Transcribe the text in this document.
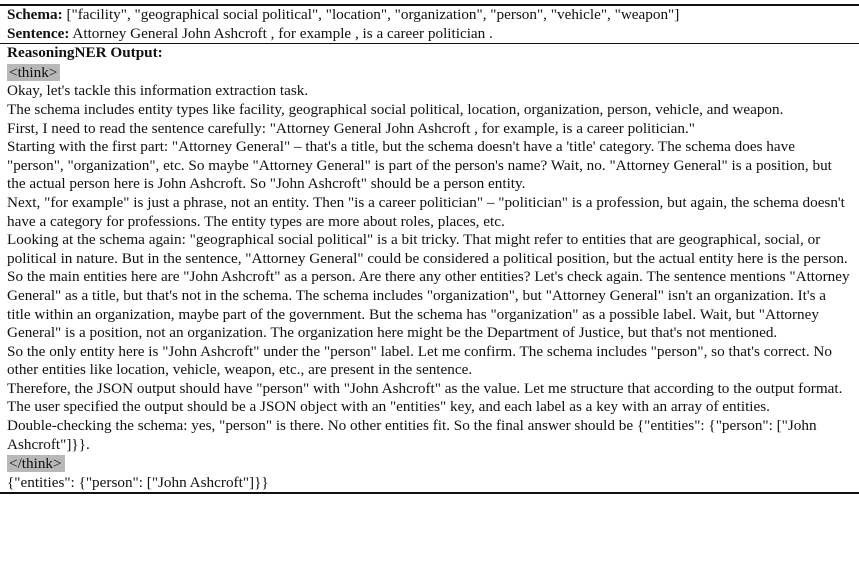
Schema: ["facility", "geographical social political", "location", "organization", "person", "vehicle", "weapon"]
Sentence: Attorney General John Ashcroft , for example , is a career politician .
ReasoningNER Output:
<think>

Okay, let's tackle this information extraction task.

The schema includes entity types like facility, geographical social political, location, organization, person, vehicle, and weapon.

First, I need to read the sentence carefully: "Attorney General John Ashcroft , for example, is a career politician."

Starting with the first part: "Attorney General" – that's a title, but the schema doesn't have a 'title' category. The schema does have "person", "organization", etc. So maybe "Attorney General" is part of the person's name? Wait, no. "Attorney General" is a position, but the actual person here is John Ashcroft. So "John Ashcroft" should be a person entity.

Next, "for example" is just a phrase, not an entity. Then "is a career politician" – "politician" is a profession, but again, the schema doesn't have a category for professions. The entity types are more about roles, places, etc.

Looking at the schema again: "geographical social political" is a bit tricky. That might refer to entities that are geographical, social, or political in nature. But in the sentence, "Attorney General" could be considered a political position, but the actual entity here is the person.

So the main entities here are "John Ashcroft" as a person. Are there any other entities? Let's check again. The sentence mentions "Attorney General" as a title, but that's not in the schema. The schema includes "organization", but "Attorney General" isn't an organization. It's a title within an organization, maybe part of the government. But the schema has "organization" as a possible label. Wait, but "Attorney General" is a position, not an organization. The organization here might be the Department of Justice, but that's not mentioned.

So the only entity here is "John Ashcroft" under the "person" label. Let me confirm. The schema includes "person", so that's correct. No other entities like location, vehicle, weapon, etc., are present in the sentence.

Therefore, the JSON output should have "person" with "John Ashcroft" as the value. Let me structure that according to the output format. The user specified the output should be a JSON object with an "entities" key, and each label as a key with an array of entities.

Double-checking the schema: yes, "person" is there. No other entities fit. So the final answer should be {"entities": {"person": ["John Ashcroft"]}}.

</think>

{"entities": {"person": ["John Ashcroft"]}}
